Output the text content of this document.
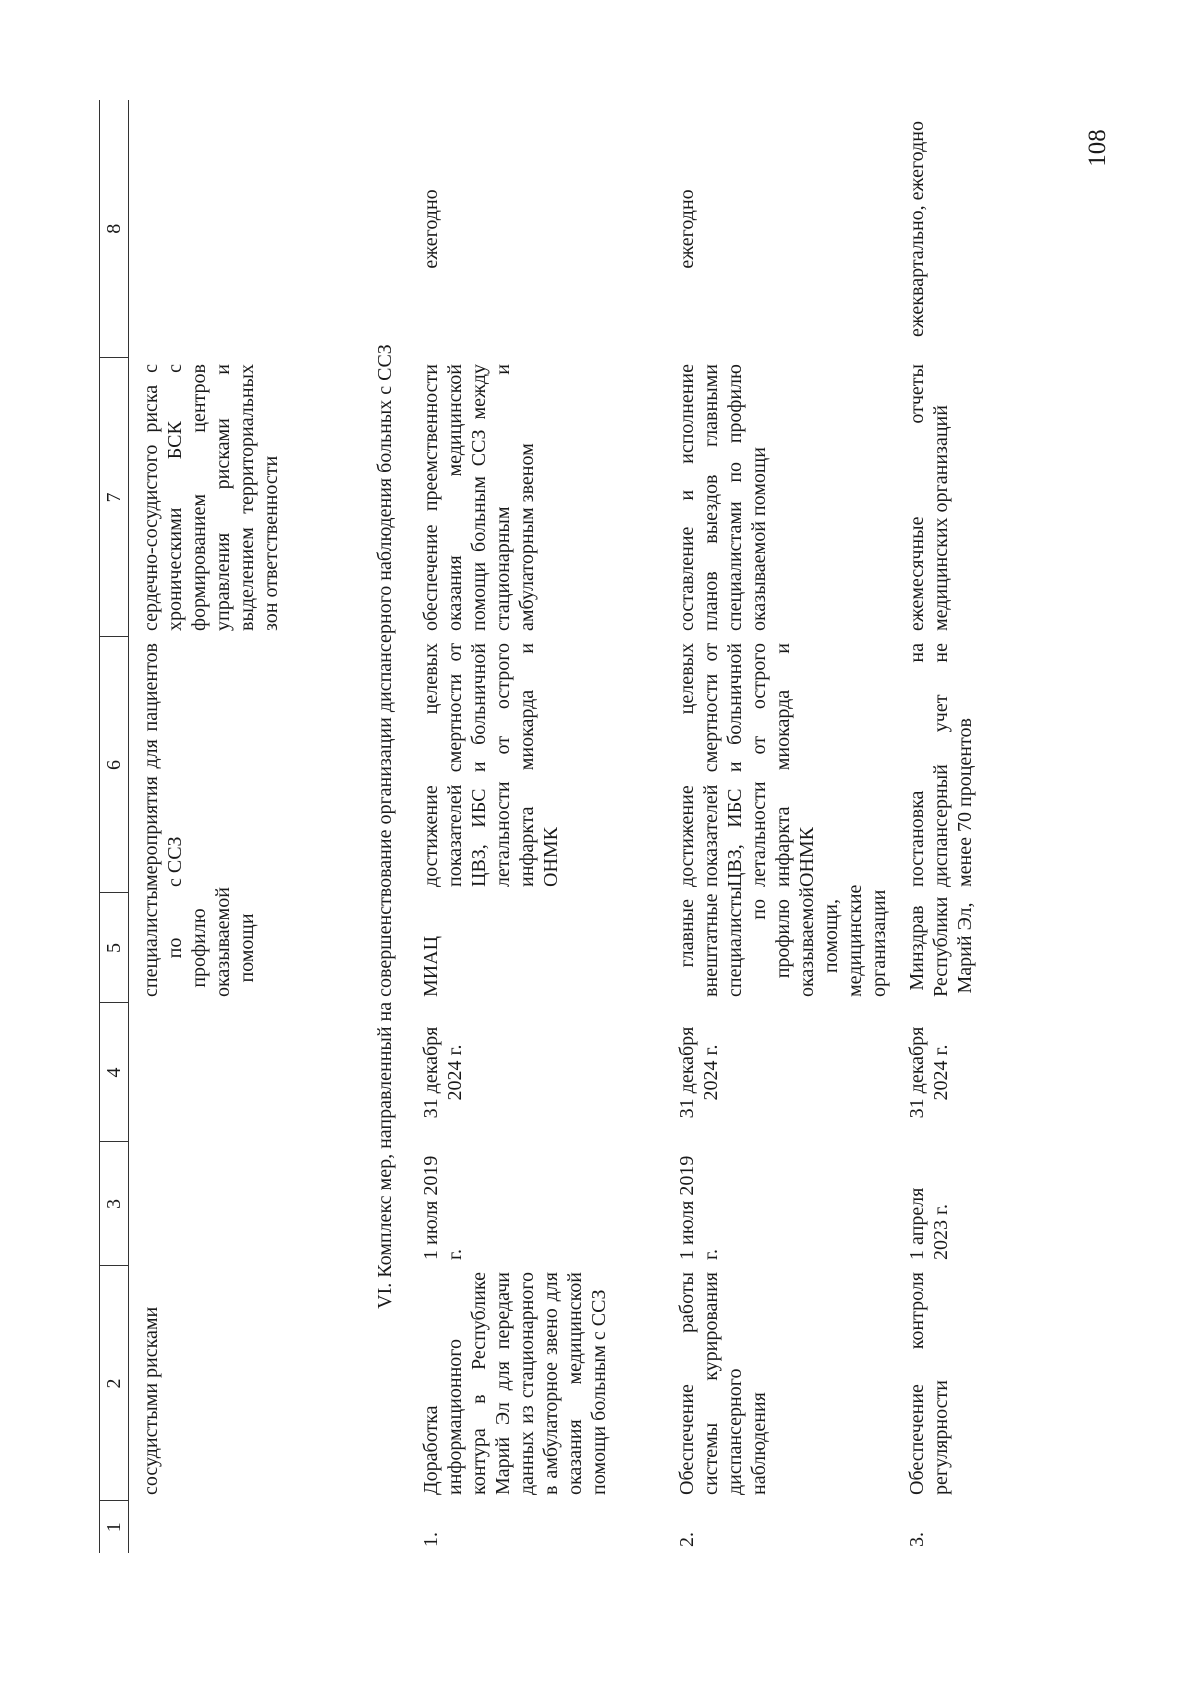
108
1	2	3	4	5	6	7	8
	сосудистыми рисками			специалисты по профилю оказываемой помощи	мероприятия для пациентов с ССЗ	сердечно-сосудистого риска с хроническими БСК с формированием центров управления рисками и выделением территориальных зон ответственности	
VI. Комплекс мер, направленный на совершенствование организации диспансерного наблюдения больных с ССЗ							
1.	Доработка информационного контура в Республике Марий Эл для передачи данных из стационарного в амбулаторное звено для оказания медицинской помощи больным с ССЗ	1 июля 2019 г.	31 декабря 2024 г.	МИАЦ	достижение целевых показателей смертности от ЦВЗ, ИБС и больничной летальности от острого инфаркта миокарда и ОНМК	обеспечение преемственности оказания медицинской помощи больным ССЗ между стационарным и амбулаторным звеном	ежегодно
2.	Обеспечение работы системы курирования диспансерного наблюдения	1 июля 2019 г.	31 декабря 2024 г.	главные внештатные специалисты по профилю оказываемой помощи, медицинские организации	достижение целевых показателей смертности от ЦВЗ, ИБС и больничной летальности от острого инфаркта миокарда и ОНМК	составление и исполнение планов выездов главными специалистами по профилю оказываемой помощи	ежегодно
3.	Обеспечение контроля регулярности	1 апреля 2023 г.	31 декабря 2024 г.	Минздрав Республики Марий Эл,	постановка на диспансерный учет не менее 70 процентов	ежемесячные отчеты медицинских организаций	ежеквартально, ежегодно
